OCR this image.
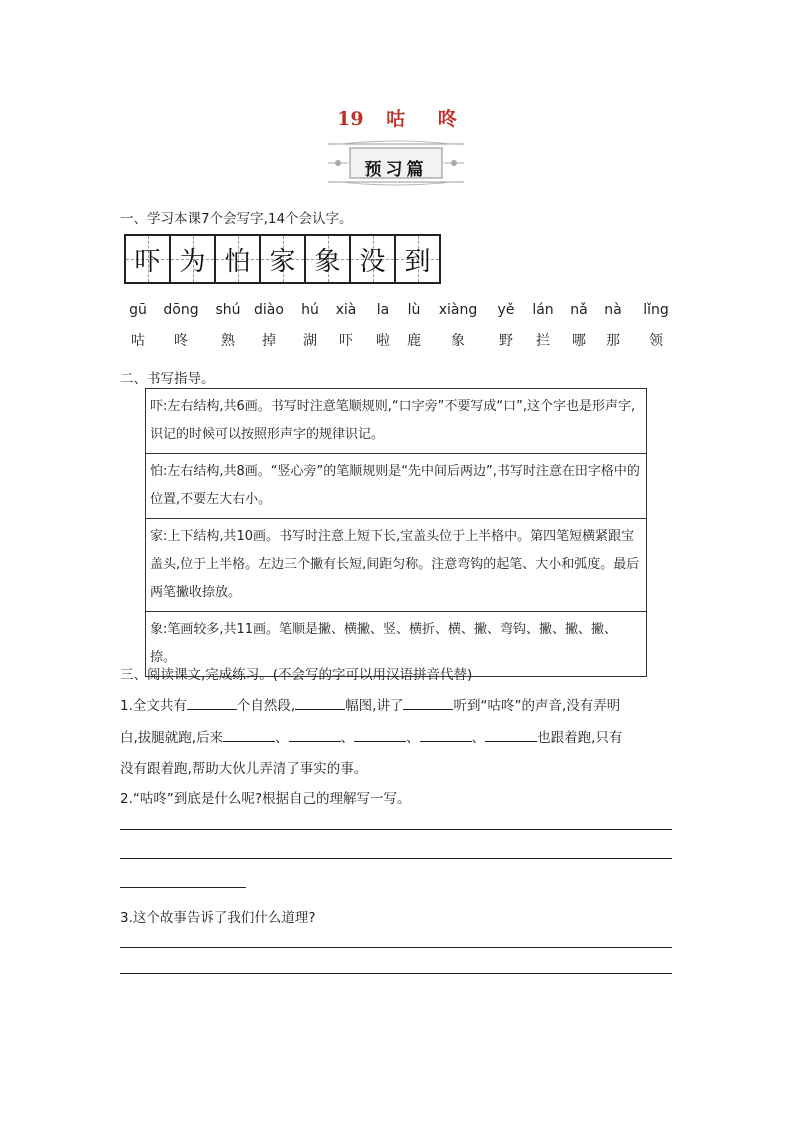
19 咕 咚
预习篇
一、学习本课7个会写字,14个会认字。
吓 为 怕 家 象 没 到
gū	dōng	shú diào	hú	xià	la	lù	xiàng	yě	lán	nǎ	nà	lǐng
咕	咚	熟	掉	湖	吓	啦	鹿	象	野	拦	哪	那	领
二、书写指导。
吓:左右结构,共6画。书写时注意笔顺规则,“口字旁”不要写成“口”,这个字也是形声字,识记的时候可以按照形声字的规律识记。
怕:左右结构,共8画。“竖心旁”的笔顺规则是“先中间后两边”,书写时注意在田字格中的位置,不要左大右小。
家:上下结构,共10画。书写时注意上短下长,宝盖头位于上半格中。第四笔短横紧跟宝盖头,位于上半格。左边三个撇有长短,间距匀称。注意弯钩的起笔、大小和弧度。最后两笔撇收捺放。
象:笔画较多,共11画。笔顺是撇、横撇、竖、横折、横、撇、弯钩、撇、撇、撇、捺。
三、阅读课文,完成练习。(不会写的字可以用汉语拼音代替)
1.全文共有	个自然段,	幅图,讲了	听到“咕咚”的声音,没有弄明
白,拔腿就跑,后来	、	、	、	、	也跟着跑,只有
没有跟着跑,帮助大伙儿弄清了事实的事。
2.“咕咚”到底是什么呢?根据自己的理解写一写。
3.这个故事告诉了我们什么道理?
